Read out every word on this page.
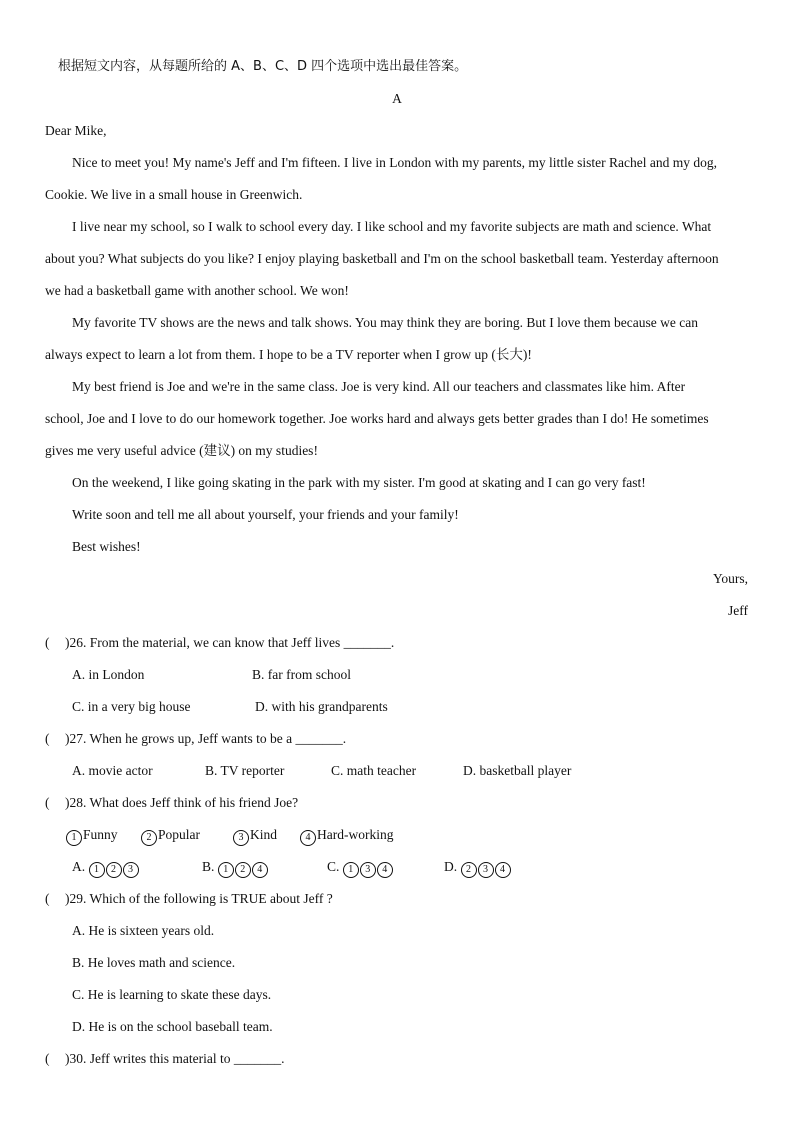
根据短文内容，从每题所给的 A、B、C、D 四个选项中选出最佳答案。
A
Dear Mike,
Nice to meet you! My name's Jeff and I'm fifteen. I live in London with my parents, my little sister Rachel and my dog,
Cookie. We live in a small house in Greenwich.
I live near my school, so I walk to school every day. I like school and my favorite subjects are math and science. What
about you? What subjects do you like? I enjoy playing basketball and I'm on the school basketball team. Yesterday afternoon
we had a basketball game with another school. We won!
My favorite TV shows are the news and talk shows. You may think they are boring. But I love them because we can
always expect to learn a lot from them. I hope to be a TV reporter when I grow up (长大)!
My best friend is Joe and we're in the same class. Joe is very kind. All our teachers and classmates like him. After
school, Joe and I love to do our homework together. Joe works hard and always gets better grades than I do! He sometimes
gives me very useful advice (建议) on my studies!
On the weekend, I like going skating in the park with my sister. I'm good at skating and I can go very fast!
Write soon and tell me all about yourself, your friends and your family!
Best wishes!
Yours,
Jeff
( )26. From the material, we can know that Jeff lives _______.
A. in London	B. far from school
C. in a very big house	D. with his grandparents
( )27. When he grows up, Jeff wants to be a _______.
A. movie actor	B. TV reporter	C. math teacher	D. basketball player
( )28. What does Jeff think of his friend Joe?
1 Funny	2 Popular	3 Kind	4 Hard-working
A. 1 2 3	B. 1 2 4	C. 1 3 4	D. 2 3 4
( )29. Which of the following is TRUE about Jeff ?
A. He is sixteen years old.
B. He loves math and science.
C. He is learning to skate these days.
D. He is on the school baseball team.
( )30. Jeff writes this material to _______.
